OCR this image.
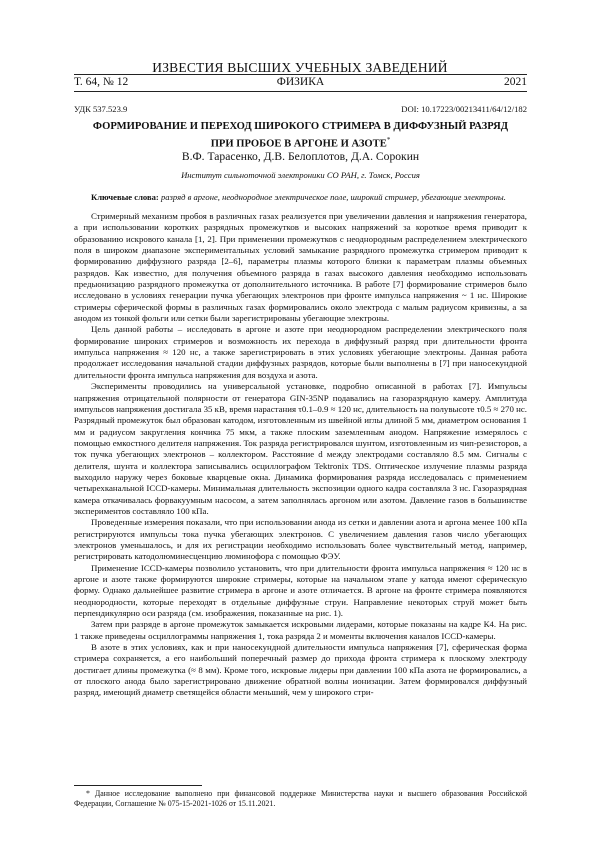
ИЗВЕСТИЯ ВЫСШИХ УЧЕБНЫХ ЗАВЕДЕНИЙ
Т. 64, № 12	ФИЗИКА	2021
УДК 537.523.9	DOI: 10.17223/00213411/64/12/182
ФОРМИРОВАНИЕ И ПЕРЕХОД ШИРОКОГО СТРИМЕРА В ДИФФУЗНЫЙ РАЗРЯД
ПРИ ПРОБОЕ В АРГОНЕ И АЗОТЕ*
В.Ф. Тарасенко, Д.В. Белоплотов, Д.А. Сорокин
Институт сильноточной электроники СО РАН, г. Томск, Россия
Ключевые слова: разряд в аргоне, неоднородное электрическое поле, широкий стример, убегающие электроны.

Стримерный механизм пробоя в различных газах реализуется при увеличении давления и напряжения генератора, а при использовании коротких разрядных промежутков и высоких напряжений за короткое время приводит к образованию искрового канала [1, 2]. При применении промежутков с неоднородным распределением электрического поля в широком диапазоне экспериментальных условий замыкание разрядного промежутка стримером приводит к формированию диффузного разряда [2–6], параметры плазмы которого близки к параметрам плазмы объемных разрядов. Как известно, для получения объемного разряда в газах высокого давления необходимо использовать предыонизацию разрядного промежутка от дополнительного источника. В работе [7] формирование стримеров было исследовано в условиях генерации пучка убегающих электронов при фронте импульса напряжения ~ 1 нс. Широкие стримеры сферической формы в различных газах формировались около электрода с малым радиусом кривизны, а за анодом из тонкой фольги или сетки были зарегистрированы убегающие электроны.

Цель данной работы – исследовать в аргоне и азоте при неоднородном распределении электрического поля формирование широких стримеров и возможность их перехода в диффузный разряд при длительности фронта импульса напряжения ≈ 120 нс, а также зарегистрировать в этих условиях убегающие электроны. Данная работа продолжает исследования начальной стадии диффузных разрядов, которые были выполнены в [7] при наносекундной длительности фронта импульса напряжения для воздуха и азота.

Эксперименты проводились на универсальной установке, подробно описанной в работах [7]. Импульсы напряжения отрицательной полярности от генератора GIN-35NP подавались на газоразрядную камеру. Амплитуда импульсов напряжения достигала 35 кВ, время нарастания τ0.1–0.9 ≈ 120 нс, длительность на полувысоте τ0.5 ≈ 270 нс. Разрядный промежуток был образован катодом, изготовленным из швейной иглы длиной 5 мм, диаметром основания 1 мм и радиусом закругления кончика 75 мкм, а также плоским заземленным анодом. Напряжение измерялось с помощью емкостного делителя напряжения. Ток разряда регистрировался шунтом, изготовленным из чип-резисторов, а ток пучка убегающих электронов – коллектором. Расстояние d между электродами составляло 8.5 мм. Сигналы с делителя, шунта и коллектора записывались осциллографом Tektronix TDS. Оптическое излучение плазмы разряда выходило наружу через боковые кварцевые окна. Динамика формирования разряда исследовалась с применением четырехканальной ICCD-камеры. Минимальная длительность экспозиции одного кадра составляла 3 нс. Газоразрядная камера откачивалась форвакуумным насосом, а затем заполнялась аргоном или азотом. Давление газов в большинстве экспериментов составляло 100 кПа.

Проведенные измерения показали, что при использовании анода из сетки и давлении азота и аргона менее 100 кПа регистрируются импульсы тока пучка убегающих электронов. С увеличением давления газов число убегающих электронов уменьшалось, и для их регистрации необходимо использовать более чувствительный метод, например, регистрировать катодолюминесценцию люминофора с помощью ФЭУ.

Применение ICCD-камеры позволило установить, что при длительности фронта импульса напряжения ≈ 120 нс в аргоне и азоте также формируются широкие стримеры, которые на начальном этапе у катода имеют сферическую форму. Однако дальнейшее развитие стримера в аргоне и азоте отличается. В аргоне на фронте стримера появляются неоднородности, которые переходят в отдельные диффузные струи. Направление некоторых струй может быть перпендикулярно оси разряда (см. изображения, показанные на рис. 1).

Затем при разряде в аргоне промежуток замыкается искровыми лидерами, которые показаны на кадре К4. На рис. 1 также приведены осциллограммы напряжения 1, тока разряда 2 и моменты включения каналов ICCD-камеры.

В азоте в этих условиях, как и при наносекундной длительности импульса напряжения [7], сферическая форма стримера сохраняется, а его наибольший поперечный размер до прихода фронта стримера к плоскому электроду достигает длины промежутка (≈ 8 мм). Кроме того, искровые лидеры при давлении 100 кПа азота не формировались, а от плоского анода было зарегистрировано движение обратной волны ионизации. Затем формировался диффузный разряд, имеющий диаметр светящейся области меньший, чем у широкого стри-

* Данное исследование выполнено при финансовой поддержке Министерства науки и высшего образования Российской Федерации, Соглашение № 075-15-2021-1026 от 15.11.2021.
